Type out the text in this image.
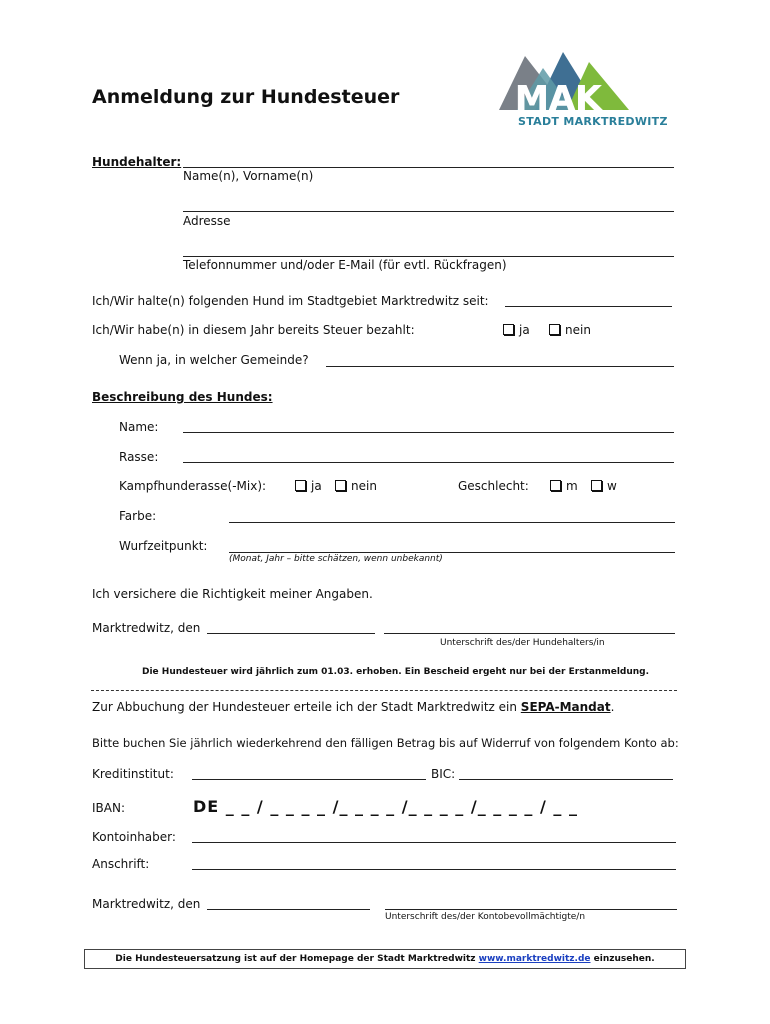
Anmeldung zur Hundesteuer	MAK
STADT MARKTREDWITZ
Hundehalter:
Name(n), Vorname(n)
Adresse
Telefonnummer und/oder E-Mail (für evtl. Rückfragen)
Ich/Wir halte(n) folgenden Hund im Stadtgebiet Marktredwitz seit:
Ich/Wir habe(n) in diesem Jahr bereits Steuer bezahlt:	ja	nein
Wenn ja, in welcher Gemeinde?
Beschreibung des Hundes:
Name:
Rasse:
Kampfhunderasse(-Mix):	ja	nein	Geschlecht:	m	w
Farbe:
Wurfzeitpunkt:
(Monat, Jahr – bitte schätzen, wenn unbekannt)
Ich versichere die Richtigkeit meiner Angaben.
Marktredwitz, den
Unterschrift des/der Hundehalters/in
Die Hundesteuer wird jährlich zum 01.03. erhoben. Ein Bescheid ergeht nur bei der Erstanmeldung.
Zur Abbuchung der Hundesteuer erteile ich der Stadt Marktredwitz ein SEPA-Mandat.
Bitte buchen Sie jährlich wiederkehrend den fälligen Betrag bis auf Widerruf von folgendem Konto ab:
Kreditinstitut:	BIC:
IBAN:	DE _ _ / _ _ _ _ /_ _ _ _ /_ _ _ _ /_ _ _ _ / _ _
Kontoinhaber:
Anschrift:
Marktredwitz, den
Unterschrift des/der Kontobevollmächtigte/n
Die Hundesteuersatzung ist auf der Homepage der Stadt Marktredwitz www.marktredwitz.de einzusehen.
